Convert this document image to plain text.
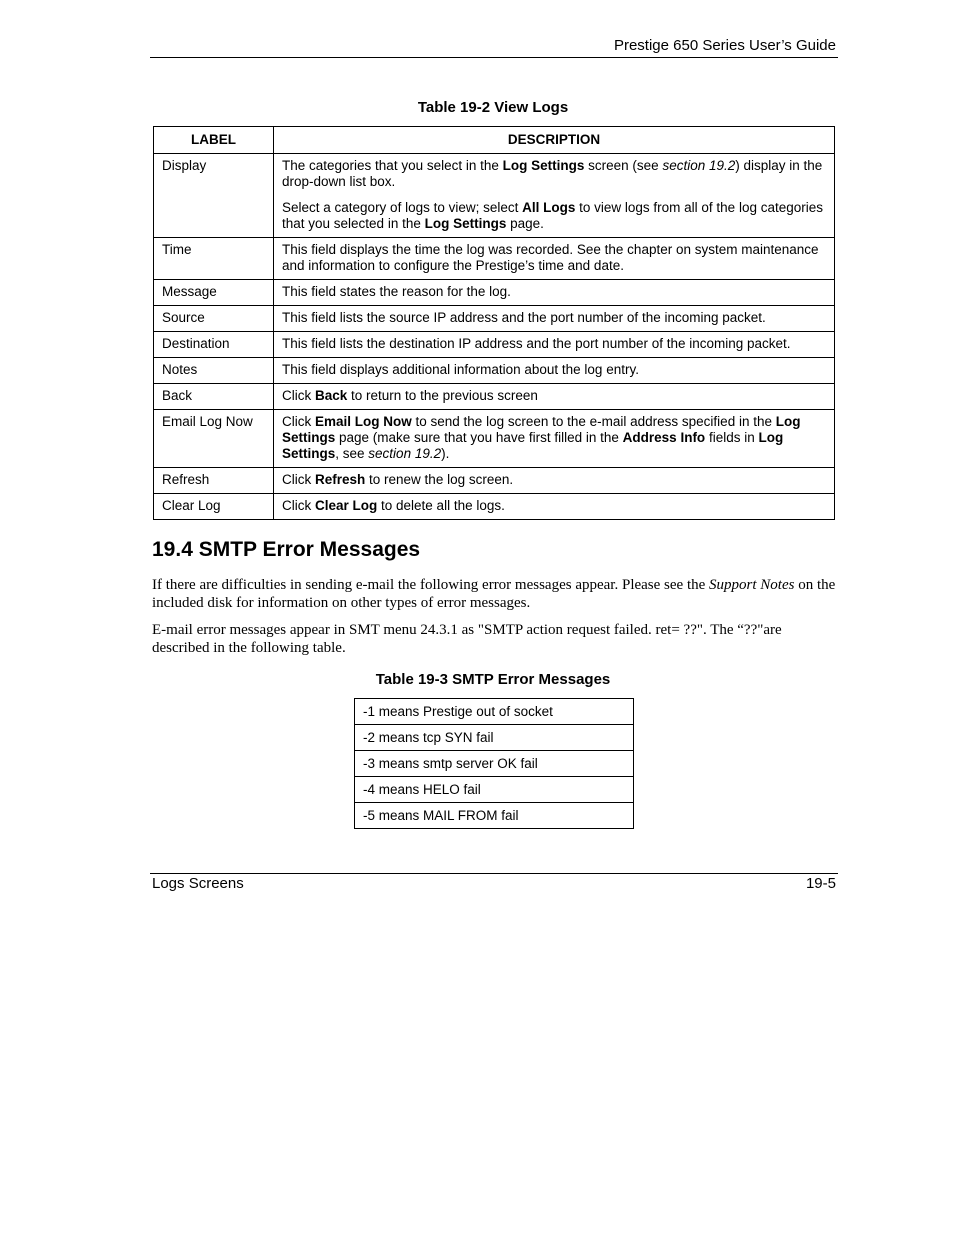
Prestige 650 Series User’s Guide
Table 19-2 View Logs
LABEL	DESCRIPTION
Display	The categories that you select in the Log Settings screen (see section 19.2) display in the drop-down list box.

Select a category of logs to view; select All Logs to view logs from all of the log categories that you selected in the Log Settings page.

Time	This field displays the time the log was recorded. See the chapter on system maintenance and information to configure the Prestige’s time and date.

Message	This field states the reason for the log.

Source	This field lists the source IP address and the port number of the incoming packet.

Destination	This field lists the destination IP address and the port number of the incoming packet.

Notes	This field displays additional information about the log entry.

Back	Click Back to return to the previous screen

Email Log Now	Click Email Log Now to send the log screen to the e-mail address specified in the Log Settings page (make sure that you have first filled in the Address Info fields in Log Settings, see section 19.2).

Refresh	Click Refresh to renew the log screen.

Clear Log	Click Clear Log to delete all the logs.

19.4 SMTP Error Messages

If there are difficulties in sending e-mail the following error messages appear. Please see the Support Notes on the included disk for information on other types of error messages.

E-mail error messages appear in SMT menu 24.3.1 as "SMTP action request failed. ret= ??". The “??"are described in the following table.

Table 19-3 SMTP Error Messages
-1 means Prestige out of socket
-2 means tcp SYN fail
-3 means smtp server OK fail
-4 means HELO fail
-5 means MAIL FROM fail
Logs Screens	19-5
